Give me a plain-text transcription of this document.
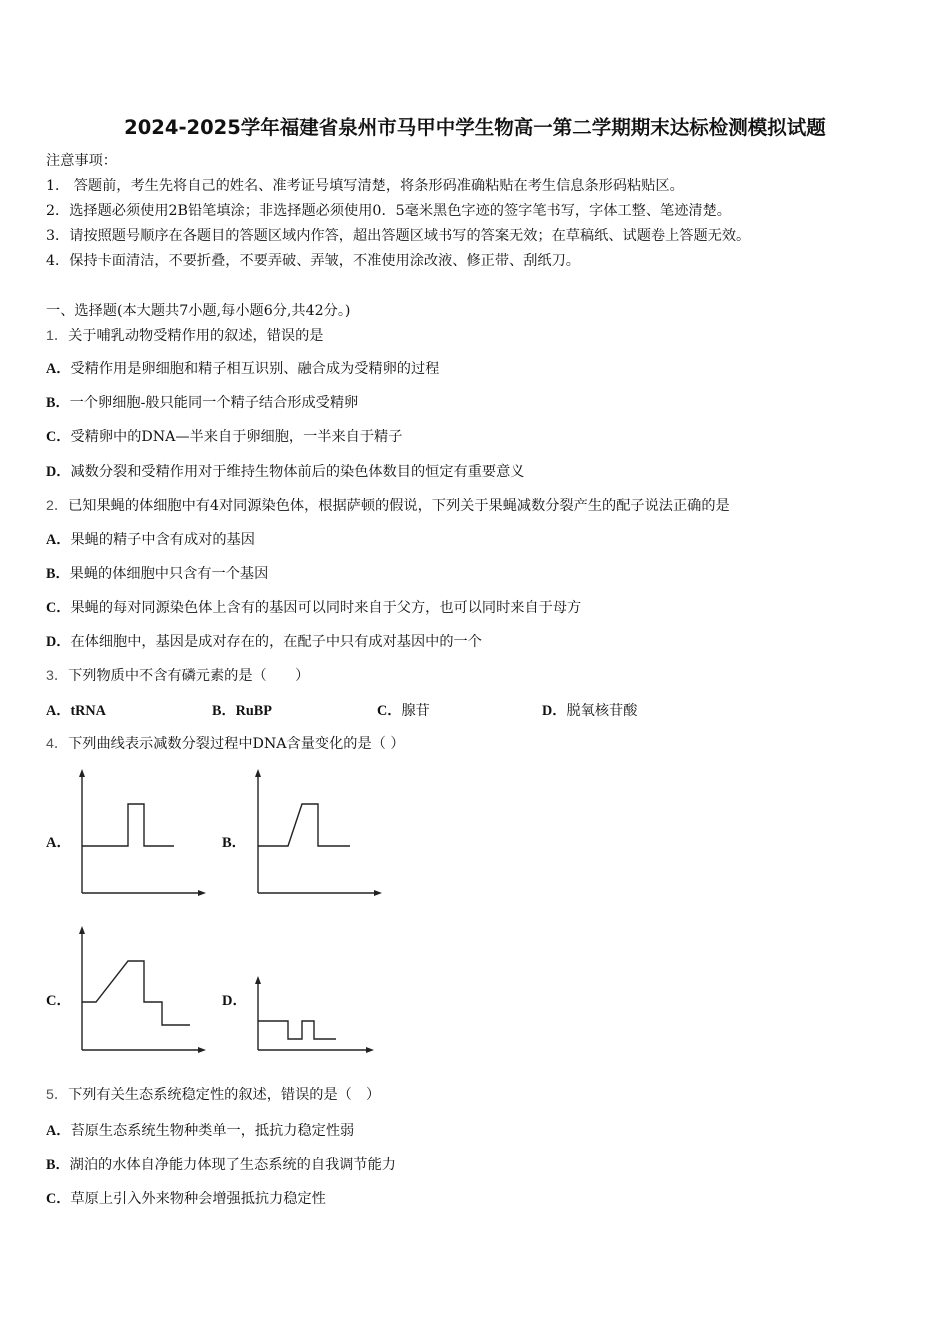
2024-2025学年福建省泉州市马甲中学生物高一第二学期期末达标检测模拟试题
注意事项：
1． 答题前，考生先将自己的姓名、准考证号填写清楚，将条形码准确粘贴在考生信息条形码粘贴区。
2．选择题必须使用2B铅笔填涂；非选择题必须使用0．5毫米黑色字迹的签字笔书写，字体工整、笔迹清楚。
3．请按照题号顺序在各题目的答题区域内作答，超出答题区域书写的答案无效；在草稿纸、试题卷上答题无效。
4．保持卡面清洁，不要折叠，不要弄破、弄皱，不准使用涂改液、修正带、刮纸刀。
一、选择题(本大题共7小题,每小题6分,共42分。)
1．关于哺乳动物受精作用的叙述，错误的是
A．受精作用是卵细胞和精子相互识别、融合成为受精卵的过程
B．一个卵细胞-般只能同一个精子结合形成受精卵
C．受精卵中的DNA—半来自于卵细胞，一半来自于精子
D．减数分裂和受精作用对于维持生物体前后的染色体数目的恒定有重要意义
2．已知果蝇的体细胞中有4对同源染色体，根据萨顿的假说，下列关于果蝇减数分裂产生的配子说法正确的是
A．果蝇的精子中含有成对的基因
B．果蝇的体细胞中只含有一个基因
C．果蝇的每对同源染色体上含有的基因可以同时来自于父方，也可以同时来自于母方
D．在体细胞中，基因是成对存在的，在配子中只有成对基因中的一个
3．下列物质中不含有磷元素的是（　　）
A．tRNA	B．RuBP	C．腺苷	D．脱氧核苷酸
4．下列曲线表示减数分裂过程中DNA含量变化的是（ ）
A．	B．
C．	D．
5．下列有关生态系统稳定性的叙述，错误的是（　）
A．苔原生态系统生物种类单一，抵抗力稳定性弱
B．湖泊的水体自净能力体现了生态系统的自我调节能力
C．草原上引入外来物种会增强抵抗力稳定性
